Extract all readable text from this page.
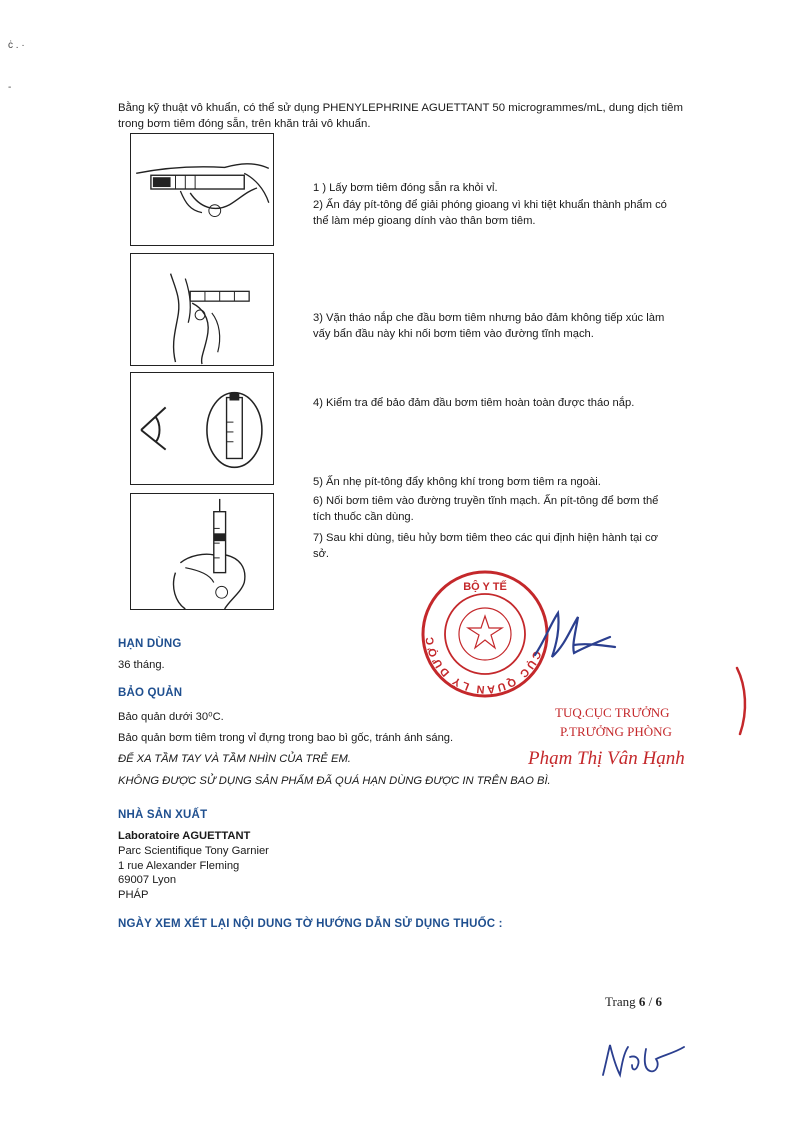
ċ . ·
-
Bằng kỹ thuật vô khuẩn, có thể sử dụng PHENYLEPHRINE AGUETTANT 50 microgrammes/mL, dung dịch tiêm trong bơm tiêm đóng sẵn, trên khăn trải vô khuẩn.
1 ) Lấy bơm tiêm đóng sẵn ra khỏi vỉ.
2) Ấn đáy pít-tông để giải phóng gioang vì khi tiệt khuẩn thành phẩm có thể làm mép gioang dính vào thân bơm tiêm.
3) Vặn tháo nắp che đầu bơm tiêm nhưng bảo đảm không tiếp xúc làm vấy bẩn đầu này khi nối bơm tiêm vào đường tĩnh mạch.
4) Kiểm tra để bảo đảm đầu bơm tiêm hoàn toàn được tháo nắp.
5) Ấn nhẹ pít-tông đẩy không khí trong bơm tiêm ra ngoài.
6) Nối bơm tiêm vào đường truyền tĩnh mạch. Ấn pít-tông để bơm thể tích thuốc cần dùng.
7) Sau khi dùng, tiêu hủy bơm tiêm theo các qui định hiện hành tại cơ sở.
BỘ Y TẾ
CỤC QUẢN LÝ DƯỢC
TUQ.CỤC TRƯỞNG
P.TRƯỞNG PHÒNG
Phạm Thị Vân Hạnh
HẠN DÙNG
36 tháng.
BẢO QUẢN
Bảo quản dưới 30⁰C.
Bảo quản bơm tiêm trong vỉ đựng trong bao bì gốc, tránh ánh sáng.
ĐỂ XA TẦM TAY VÀ TẦM NHÌN CỦA TRẺ EM.
KHÔNG ĐƯỢC SỬ DỤNG SẢN PHẨM ĐÃ QUÁ HẠN DÙNG ĐƯỢC IN TRÊN BAO BÌ.
NHÀ SẢN XUẤT
Laboratoire AGUETTANT
Parc Scientifique Tony Garnier
1 rue Alexander Fleming
69007 Lyon
PHÁP
NGÀY XEM XÉT LẠI NỘI DUNG TỜ HƯỚNG DẪN SỬ DỤNG THUỐC :
Trang 6 / 6
